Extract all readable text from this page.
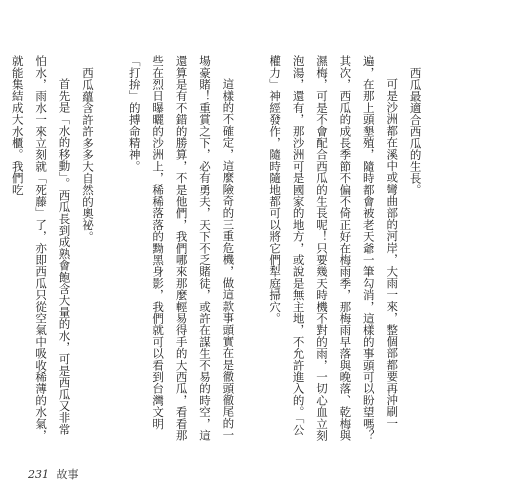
西瓜最適合西瓜的生長。

可是沙洲都在溪中或彎曲部的河岸，大雨一來，整個部都要再沖刷一遍，在那上頭墾殖，隨時都會被老天爺一筆勾消，這樣的事頭可以盼望嗎？其次，西瓜的成長季節不偏不倚正好在梅雨季，那梅雨早落與晚落、乾梅與濕梅，可是不會配合西瓜的生長呢！只要幾天時機不對的雨，一切心血立刻泡湯，還有，那沙洲可是國家的地方，或說是無主地，不允許進入的。「公權力」神經發作，隨時隨地都可以將它們犁庭掃穴。

這樣的不確定，這麼險奇的三重危機，做這款事頭實在是徹頭徹尾的一場豪賭！重賞之下，必有勇夫，天下不乏賭徒，或許在謀生不易的時空，這還算是有不錯的勝算，不是他們，我們哪來那麼輕易得手的大西瓜，看看那些在烈日曝曬的沙洲上，稀稀落落的黝黑身影，我們就可以看到台灣文明「打拚」的搏命精神。

西瓜蘊含許許多多大自然的奧祕。

首先是「水的移動」。西瓜長到成熟會飽含大量的水，可是西瓜又非常怕水，雨水一來立刻就「死藤」了，亦即西瓜只從空氣中吸收稀薄的水氣，就能集結成大水櫃。我們吃

231 故事
